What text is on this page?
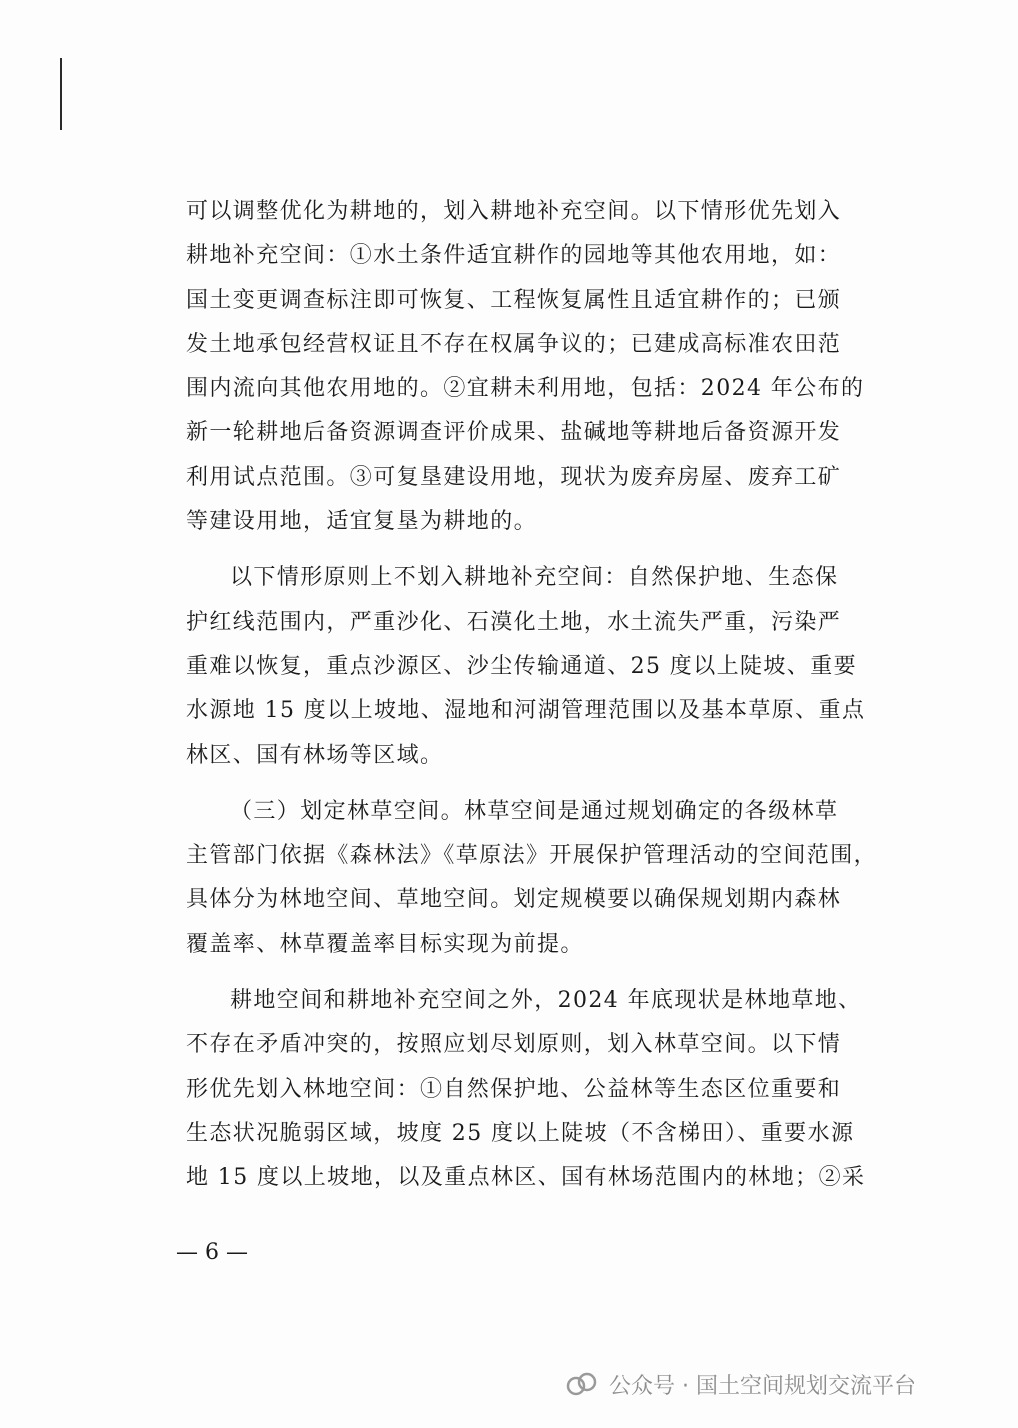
可以调整优化为耕地的，划入耕地补充空间。以下情形优先划入
耕地补充空间：①水土条件适宜耕作的园地等其他农用地，如：
国土变更调查标注即可恢复、工程恢复属性且适宜耕作的；已颁
发土地承包经营权证且不存在权属争议的；已建成高标准农田范
围内流向其他农用地的。②宜耕未利用地，包括：2024 年公布的
新一轮耕地后备资源调查评价成果、盐碱地等耕地后备资源开发
利用试点范围。③可复垦建设用地，现状为废弃房屋、废弃工矿
等建设用地，适宜复垦为耕地的。
以下情形原则上不划入耕地补充空间：自然保护地、生态保
护红线范围内，严重沙化、石漠化土地，水土流失严重，污染严
重难以恢复，重点沙源区、沙尘传输通道、25 度以上陡坡、重要
水源地 15 度以上坡地、湿地和河湖管理范围以及基本草原、重点
林区、国有林场等区域。
（三）划定林草空间。林草空间是通过规划确定的各级林草
主管部门依据《森林法》《草原法》开展保护管理活动的空间范围，
具体分为林地空间、草地空间。划定规模要以确保规划期内森林
覆盖率、林草覆盖率目标实现为前提。
耕地空间和耕地补充空间之外，2024 年底现状是林地草地、
不存在矛盾冲突的，按照应划尽划原则，划入林草空间。以下情
形优先划入林地空间：①自然保护地、公益林等生态区位重要和
生态状况脆弱区域，坡度 25 度以上陡坡（不含梯田）、重要水源
地 15 度以上坡地，以及重点林区、国有林场范围内的林地；②采
— 6 —
公众号 · 国土空间规划交流平台
